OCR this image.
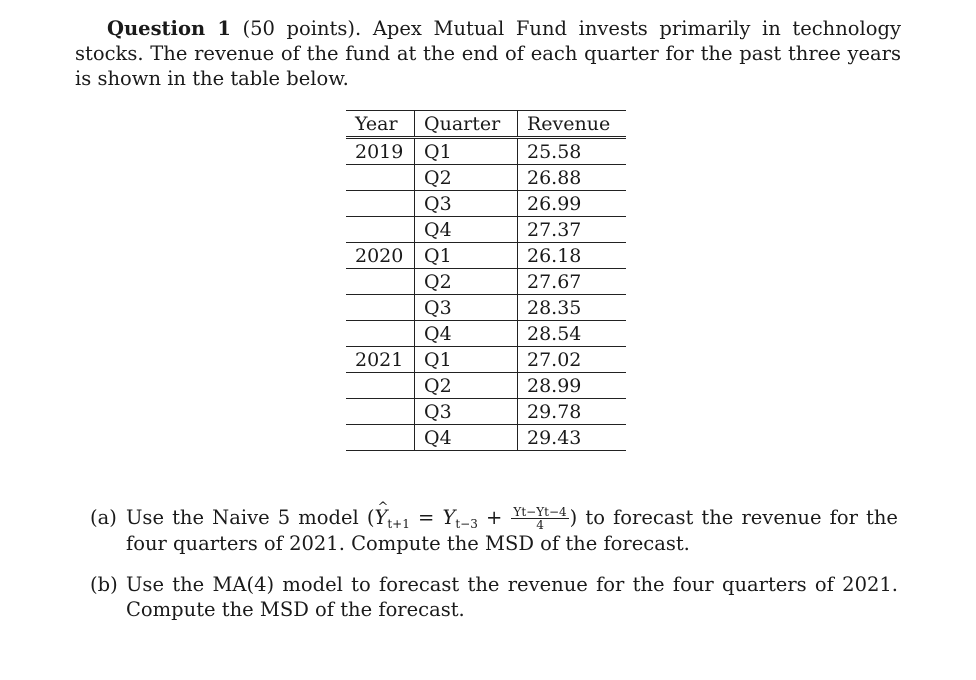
Question 1 (50 points). Apex Mutual Fund invests primarily in technology stocks. The revenue of the fund at the end of each quarter for the past three years is shown in the table below.

Year	Quarter	Revenue
2019	Q1	25.58
	Q2	26.88
	Q3	26.99
	Q4	27.37
2020	Q1	26.18
	Q2	27.67
	Q3	28.35
	Q4	28.54
2021	Q1	27.02
	Q2	28.99
	Q3	29.78
	Q4	29.43
(a) Use the Naive 5 model (^ $Y_{t+1} = Y_{t-3} + \frac{Yt-Yt-4}{4}$ ) to forecast the revenue for the four quarters of 2021. Compute the MSD of the forecast.
(b) Use the MA(4) model to forecast the revenue for the four quarters of 2021. Compute the MSD of the forecast.
